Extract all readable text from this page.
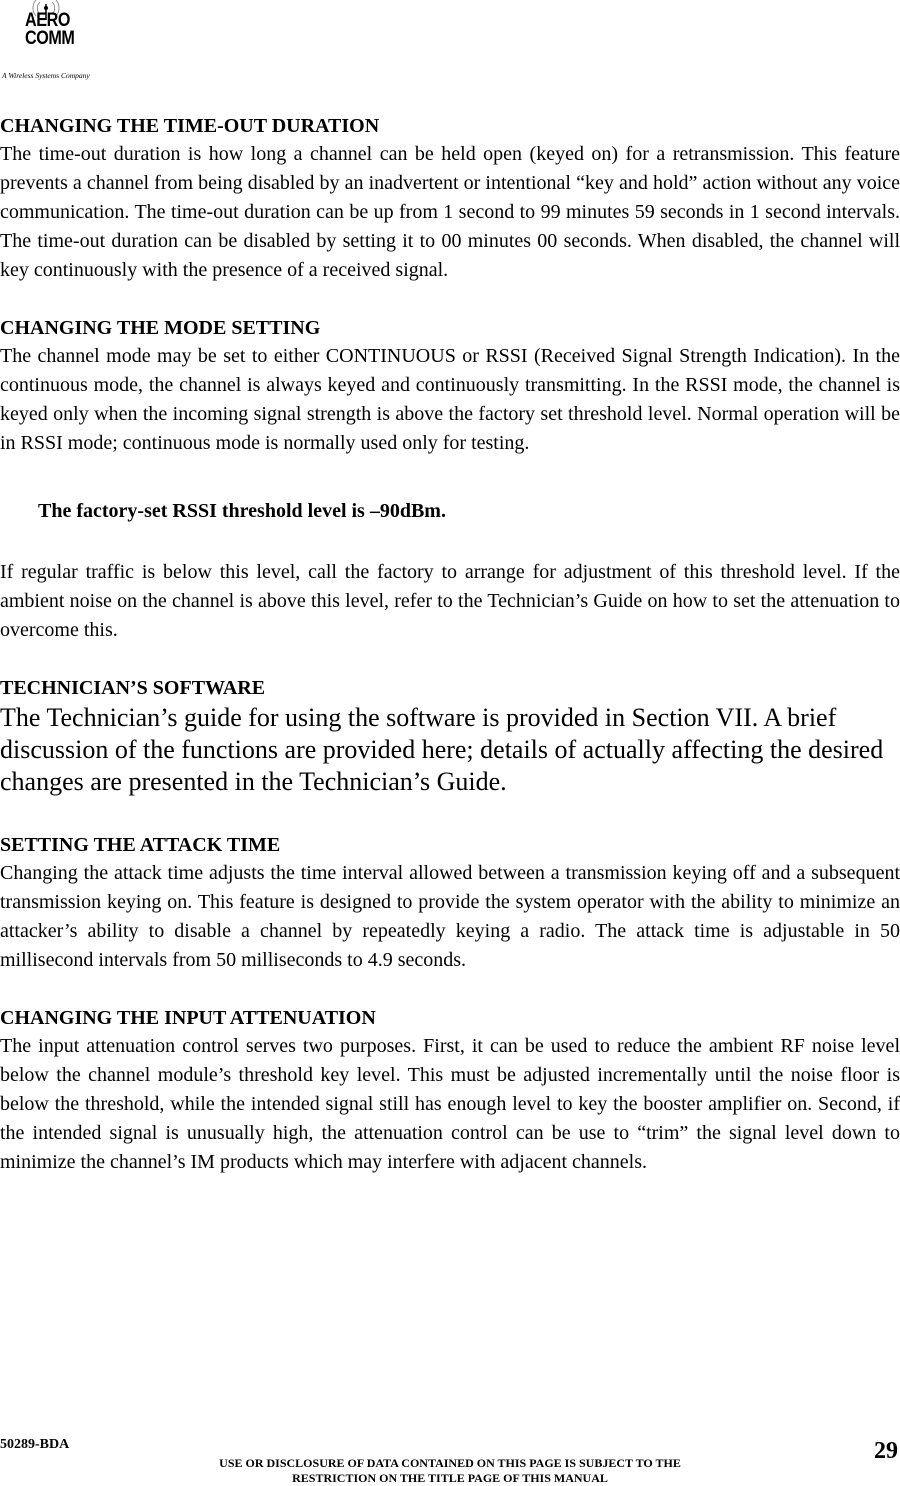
AERO
COMM
A Wireless Systems Company
CHANGING THE TIME-OUT DURATION

The time-out duration is how long a channel can be held open (keyed on) for a retransmission. This feature prevents a channel from being disabled by an inadvertent or intentional “key and hold” action without any voice communication. The time-out duration can be up from 1 second to 99 minutes 59 seconds in 1 second intervals. The time-out duration can be disabled by setting it to 00 minutes 00 seconds. When disabled, the channel will key continuously with the presence of a received signal.

CHANGING THE MODE SETTING

The channel mode may be set to either CONTINUOUS or RSSI (Received Signal Strength Indication). In the continuous mode, the channel is always keyed and continuously transmitting. In the RSSI mode, the channel is keyed only when the incoming signal strength is above the factory set threshold level. Normal operation will be in RSSI mode; continuous mode is normally used only for testing.

The factory-set RSSI threshold level is –90dBm.

If regular traffic is below this level, call the factory to arrange for adjustment of this threshold level. If the ambient noise on the channel is above this level, refer to the Technician’s Guide on how to set the attenuation to overcome this.

TECHNICIAN’S SOFTWARE

The Technician’s guide for using the software is provided in Section VII. A brief discussion of the functions are provided here; details of actually affecting the desired changes are presented in the Technician’s Guide.

SETTING THE ATTACK TIME

Changing the attack time adjusts the time interval allowed between a transmission keying off and a subsequent transmission keying on. This feature is designed to provide the system operator with the ability to minimize an attacker’s ability to disable a channel by repeatedly keying a radio. The attack time is adjustable in 50 millisecond intervals from 50 milliseconds to 4.9 seconds.

CHANGING THE INPUT ATTENUATION

The input attenuation control serves two purposes. First, it can be used to reduce the ambient RF noise level below the channel module’s threshold key level. This must be adjusted incrementally until the noise floor is below the threshold, while the intended signal still has enough level to key the booster amplifier on. Second, if the intended signal is unusually high, the attenuation control can be use to “trim” the signal level down to minimize the channel’s IM products which may interfere with adjacent channels.

50289-BDA
USE OR DISCLOSURE OF DATA CONTAINED ON THIS PAGE IS SUBJECT TO THE
RESTRICTION ON THE TITLE PAGE OF THIS MANUAL
29
